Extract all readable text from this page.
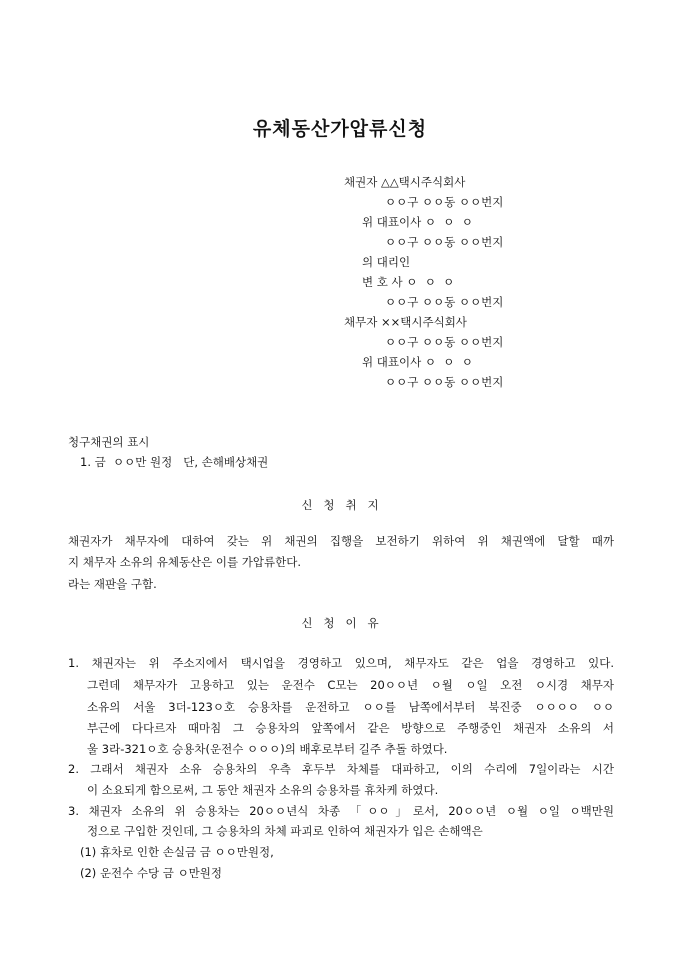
유체동산가압류신청
채권자 △△택시주식회사
ㅇㅇ구 ㅇㅇ동 ㅇㅇ번지
위 대표이사 ㅇ  ㅇ  ㅇ
ㅇㅇ구 ㅇㅇ동 ㅇㅇ번지
의 대리인
변 호 사 ㅇ  ㅇ  ㅇ
ㅇㅇ구 ㅇㅇ동 ㅇㅇ번지
채무자 ××택시주식회사
ㅇㅇ구 ㅇㅇ동 ㅇㅇ번지
위 대표이사 ㅇ  ㅇ  ㅇ
ㅇㅇ구 ㅇㅇ동 ㅇㅇ번지
청구채권의 표시
1. 금  ㅇㅇ만 원정   단, 손해배상채권
신   청   취   지
채권자가 채무자에 대하여 갖는 위 채권의 집행을 보전하기 위하여 위 채권액에 달할 때까
지 채무자 소유의 유체동산은 이를 가압류한다.
라는 재판을 구함.
신   청   이   유
1. 채권자는 위 주소지에서 택시업을 경영하고 있으며, 채무자도 같은 업을 경영하고 있다.
그런데 채무자가 고용하고 있는 운전수 C모는 20ㅇㅇ년 ㅇ월 ㅇ일 오전 ㅇ시경 채무자
소유의 서울 3더-123ㅇ호 승용차를 운전하고 ㅇㅇ를 남쪽에서부터 북진중 ㅇㅇㅇㅇ ㅇㅇ
부근에 다다르자 때마침 그 승용차의 앞쪽에서 같은 방향으로 주행중인 채권자 소유의 서
울 3라-321ㅇ호 승용차(운전수 ㅇㅇㅇ)의 배후로부터 길주 추돌 하였다.
2. 그래서 채권자 소유 승용차의 우측 후두부 차체를 대파하고, 이의 수리에 7일이라는 시간
이 소요되게 함으로써, 그 동안 채권자 소유의 승용차를 휴차케 하였다.
3. 채권자 소유의 위 승용차는 20ㅇㅇ년식 차종 「ㅇㅇ」로서, 20ㅇㅇ년 ㅇ월 ㅇ일 ㅇ백만원
정으로 구입한 것인데, 그 승용차의 차체 파괴로 인하여 채권자가 입은 손해액은
(1) 휴차로 인한 손실금 금 ㅇㅇ만원정,
(2) 운전수 수당 금 ㅇ만원정
